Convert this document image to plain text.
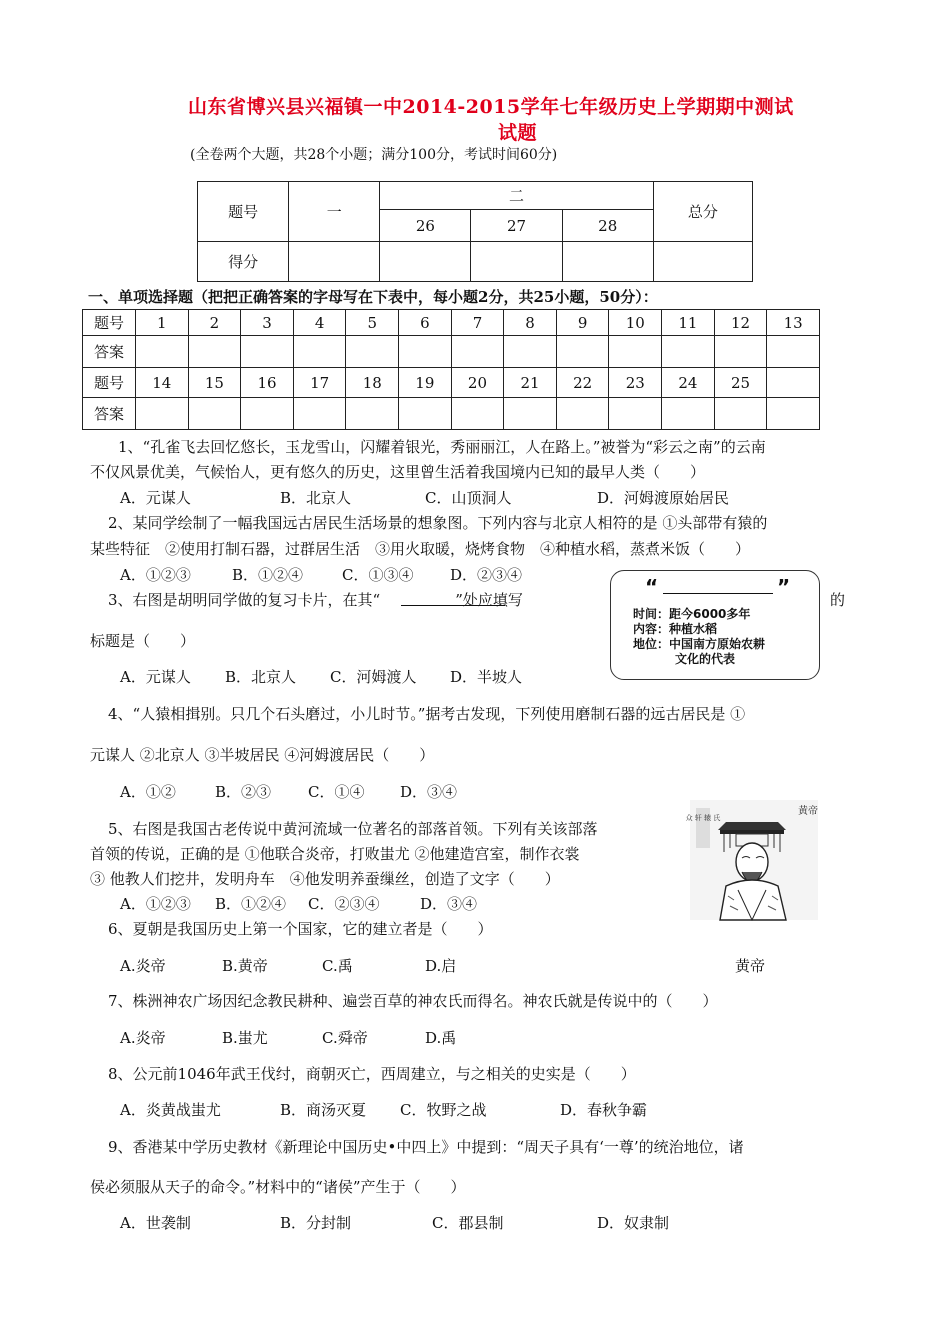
山东省博兴县兴福镇一中2014-2015学年七年级历史上学期期中测试
试题
(全卷两个大题，共28个小题；满分100分，考试时间60分)
题号	一	二			总分
		26	27	28	
得分					
一、单项选择题（把把正确答案的字母写在下表中，每小题2分，共25小题，50分）：
题号	1	2	3	4	5	6	7	8	9	10	11	12	13
答案													
题号	14	15	16	17	18	19	20	21	22	23	24	25	
答案													
1、“孔雀飞去回忆悠长，玉龙雪山，闪耀着银光，秀丽丽江，人在路上。”被誉为“彩云之南”的云南
不仅风景优美，气候怡人，更有悠久的历史，这里曾生活着我国境内已知的最早人类（　　）
A．元谋人	B．北京人	C．山顶洞人	D．河姆渡原始居民
2、某同学绘制了一幅我国远古居民生活场景的想象图。下列内容与北京人相符的是 ①头部带有猿的
某些特征　②使用打制石器，过群居生活　③用火取暖，烧烤食物　④种植水稻，蒸煮米饭（　　）
A．①②③	B．①②④	C．①③④ D．②③④
3、右图是胡明同学做的复习卡片，在其“　　　　　”处应填写	的
标题是（　　）
A．元谋人 B．北京人 C．河姆渡人 D．半坡人
“	”
时间：距今6000多年
内容：种植水稻
地位：中国南方原始农耕
文化的代表
4、“人猿相揖别。只几个石头磨过，小儿时节。”据考古发现，下列使用磨制石器的远古居民是 ①
元谋人 ②北京人 ③半坡居民 ④河姆渡居民（　　）
A．①②	B．②③ C．①④ D．③④
5、右图是我国古老传说中黄河流域一位著名的部落首领。下列有关该部落
首领的传说，正确的是 ①他联合炎帝，打败蚩尤 ②他建造宫室，制作衣裳
③ 他教人们挖井，发明舟车　④他发明养蚕缫丝，创造了文字（　　）
A．①②③ B．①②④ C．②③④	D．③④
众 轩 辕 氏
黄帝
6、夏朝是我国历史上第一个国家，它的建立者是（　　）
A.炎帝	B.黄帝	C.禹	D.启	黄帝
7、株洲神农广场因纪念教民耕种、遍尝百草的神农氏而得名。神农氏就是传说中的（　　）
A.炎帝	B.蚩尤	C.舜帝	D.禹
8、公元前1046年武王伐纣，商朝灭亡，西周建立，与之相关的史实是（　　）
A．炎黄战蚩尤	B．商汤灭夏 C．牧野之战	D．春秋争霸
9、香港某中学历史教材《新理论中国历史•中四上》中提到：“周天子具有‘一尊’的统治地位，诸
侯必须服从天子的命令。”材料中的“诸侯”产生于（　　）
A．世袭制	B．分封制	C．郡县制	D．奴隶制
